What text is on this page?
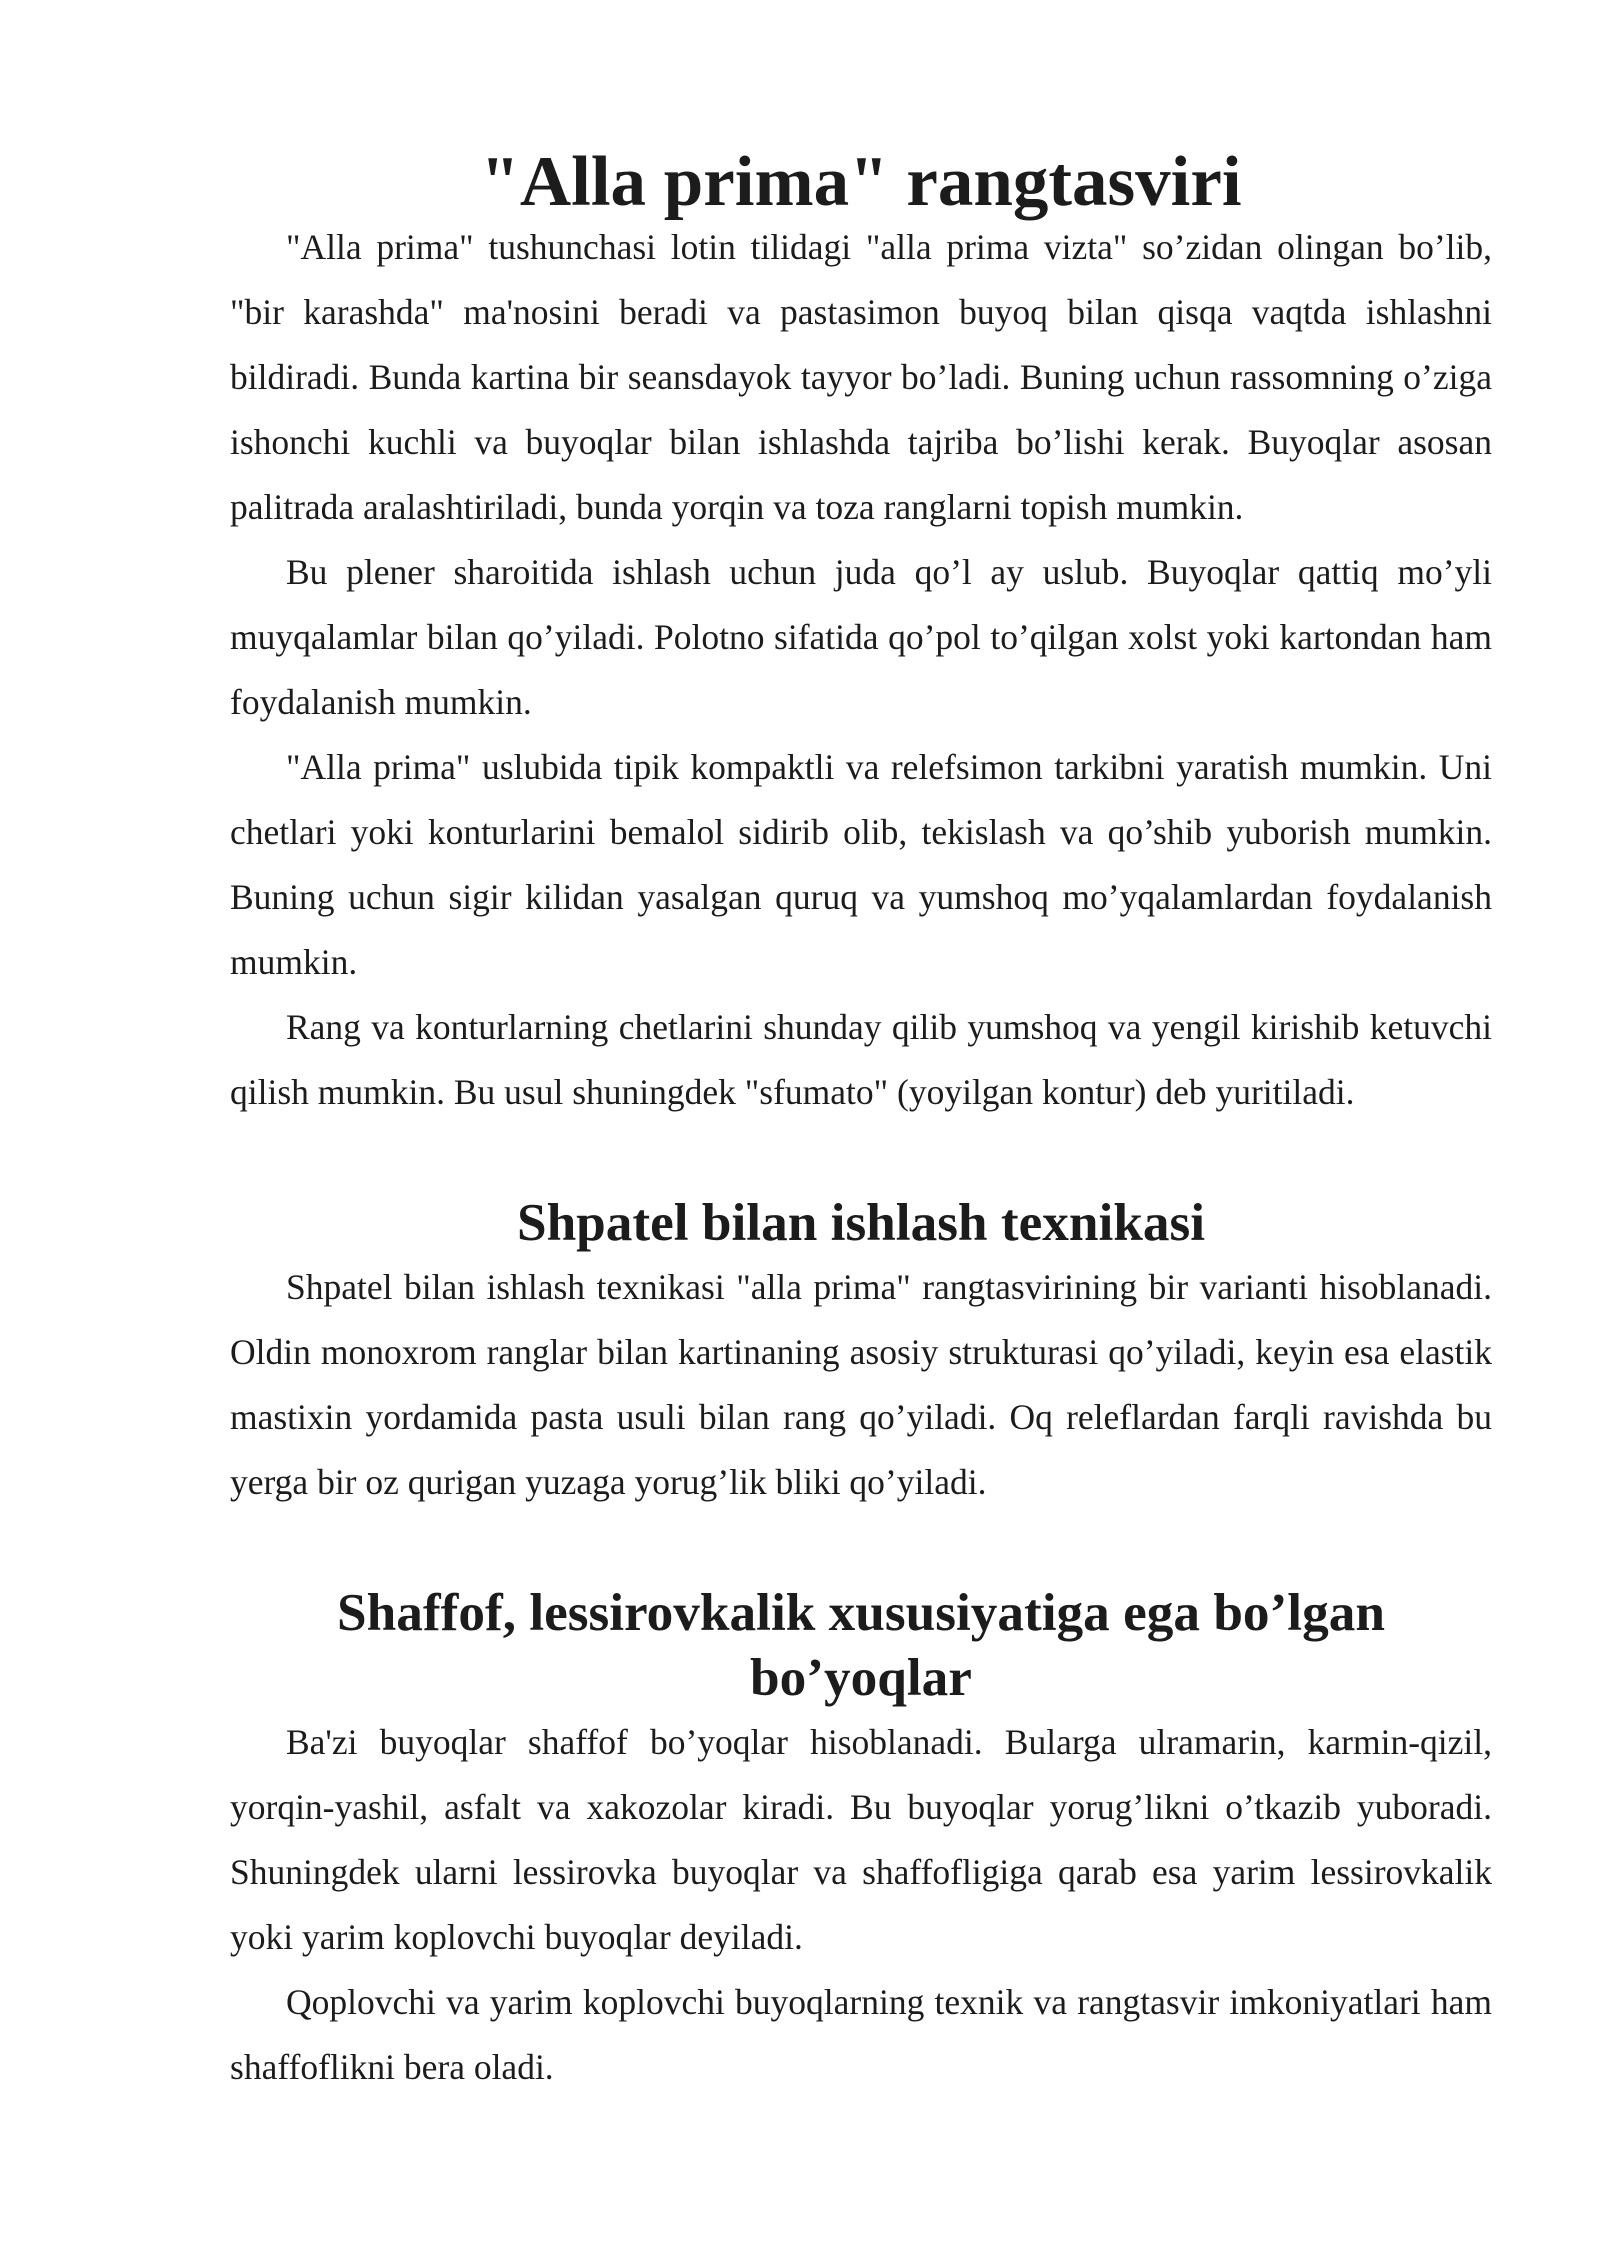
"Alla prima" rangtasviri

"Alla prima" tushunchasi lotin tilidagi "alla prima vizta" so’zidan olingan bo’lib, "bir karashda" ma'nosini beradi va pastasimon buyoq bilan qisqa vaqtda ishlashni bildiradi. Bunda kartina bir seansdayok tayyor bo’ladi. Buning uchun rassomning o’ziga ishonchi kuchli va buyoqlar bilan ishlashda tajriba bo’lishi kerak. Buyoqlar asosan palitrada aralashtiriladi, bunda yorqin va toza ranglarni topish mumkin.

Bu plener sharoitida ishlash uchun juda qo’l ay uslub. Buyoqlar qattiq mo’yli muyqalamlar bilan qo’yiladi. Polotno sifatida qo’pol to’qilgan xolst yoki kartondan ham foydalanish mumkin.

"Alla prima" uslubida tipik kompaktli va relefsimon tarkibni yaratish mumkin. Uni chetlari yoki konturlarini bemalol sidirib olib, tekislash va qo’shib yuborish mumkin. Buning uchun sigir kilidan yasalgan quruq va yumshoq mo’yqalamlardan foydalanish mumkin.

Rang va konturlarning chetlarini shunday qilib yumshoq va yengil kirishib ketuvchi qilish mumkin. Bu usul shuningdek "sfumato" (yoyilgan kontur) deb yuritiladi.

Shpatel bilan ishlash texnikasi

Shpatel bilan ishlash texnikasi "alla prima" rangtasvirining bir varianti hisoblanadi. Oldin monoxrom ranglar bilan kartinaning asosiy strukturasi qo’yiladi, keyin esa elastik mastixin yordamida pasta usuli bilan rang qo’yiladi. Oq releflardan farqli ravishda bu yerga bir oz qurigan yuzaga yorug’lik bliki qo’yiladi.

Shaffof, lessirovkalik xususiyatiga ega bo’lgan bo’yoqlar

Ba'zi buyoqlar shaffof bo’yoqlar hisoblanadi. Bularga ulramarin, karmin-qizil, yorqin-yashil, asfalt va xakozolar kiradi. Bu buyoqlar yorug’likni o’tkazib yuboradi. Shuningdek ularni lessirovka buyoqlar va shaffofligiga qarab esa yarim lessirovkalik yoki yarim koplovchi buyoqlar deyiladi.

Qoplovchi va yarim koplovchi buyoqlarning texnik va rangtasvir imkoniyatlari ham shaffoflikni bera oladi.
